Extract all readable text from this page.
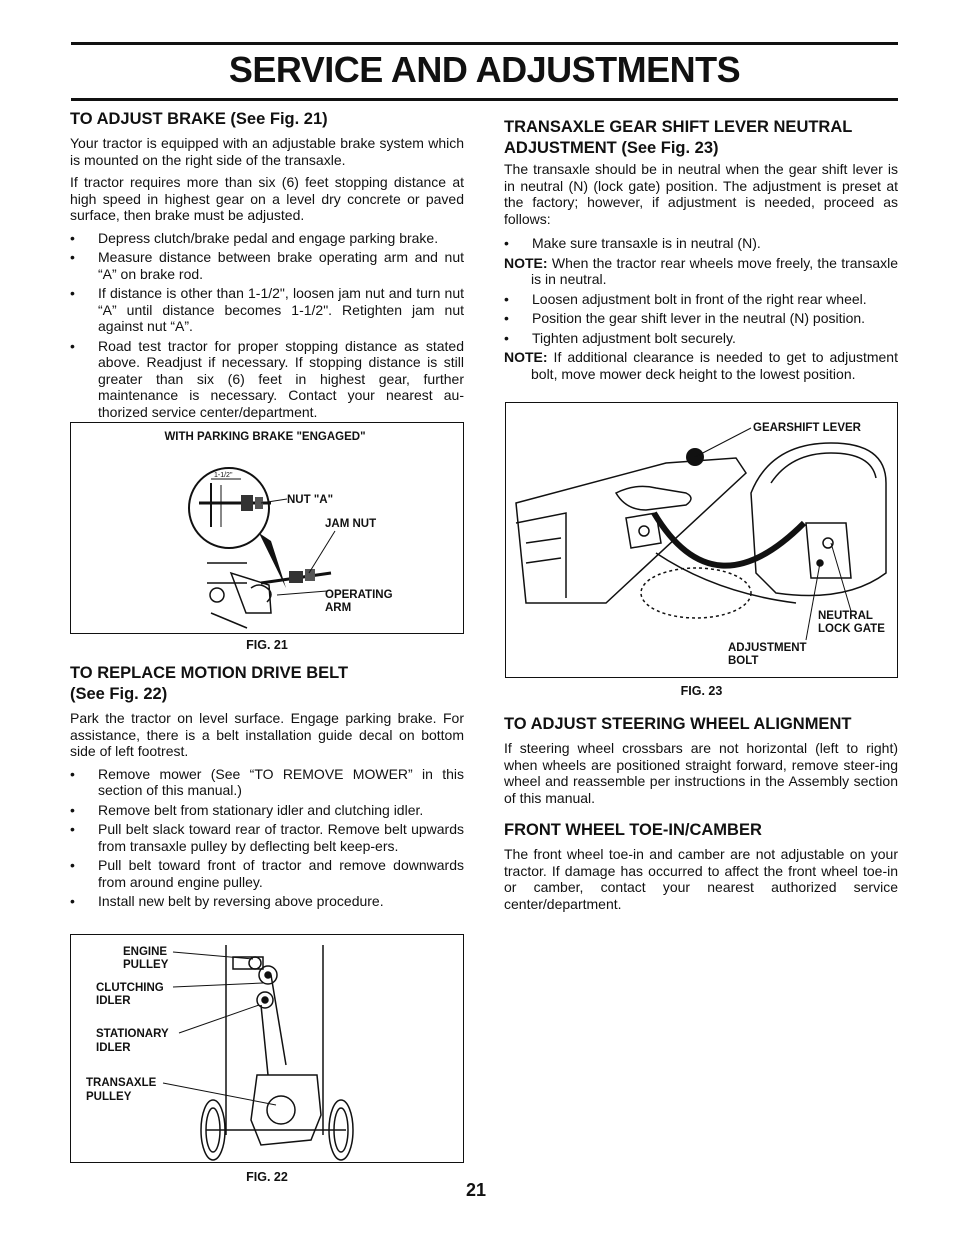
SERVICE AND ADJUSTMENTS
TO ADJUST BRAKE (See Fig. 21)

Your tractor is equipped with an adjustable brake system which is mounted on the right side of the transaxle.

If tractor requires more than six (6) feet stopping distance at high speed in highest gear on a level dry concrete or paved surface, then brake must be adjusted.

• Depress clutch/brake pedal and engage parking brake.
• Measure distance between brake operating arm and nut “A” on brake rod.
• If distance is other than 1-1/2", loosen jam nut and turn nut “A” until distance becomes 1-1/2". Retighten jam nut against nut “A”.
• Road test tractor for proper stopping distance as stated above. Readjust if necessary. If stopping distance is still greater than six (6) feet in highest gear, further maintenance is necessary. Contact your nearest au-thorized service center/department.
WITH PARKING BRAKE "ENGAGED"
1-1/2"
NUT "A"
JAM NUT
OPERATING
ARM
FIG. 21
TO REPLACE MOTION DRIVE BELT
(See Fig. 22)

Park the tractor on level surface. Engage parking brake. For assistance, there is a belt installation guide decal on bottom side of left footrest.

• Remove mower (See “TO REMOVE MOWER” in this section of this manual.)
• Remove belt from stationary idler and clutching idler.
• Pull belt slack toward rear of tractor. Remove belt upwards from transaxle pulley by deflecting belt keep-ers.
• Pull belt toward front of tractor and remove downwards from around engine pulley.
• Install new belt by reversing above procedure.
ENGINE
PULLEY
CLUTCHING
IDLER
STATIONARY
IDLER
TRANSAXLE
PULLEY
FIG. 22
TRANSAXLE GEAR SHIFT LEVER NEUTRAL
ADJUSTMENT (See Fig. 23)

The transaxle should be in neutral when the gear shift lever is in neutral (N) (lock gate) position. The adjustment is preset at the factory; however, if adjustment is needed, proceed as follows:

• Make sure transaxle is in neutral (N).

NOTE: When the tractor rear wheels move freely, the transaxle is in neutral.

• Loosen adjustment bolt in front of the right rear wheel.
• Position the gear shift lever in the neutral (N) position.
• Tighten adjustment bolt securely.

NOTE: If additional clearance is needed to get to adjustment bolt, move mower deck height to the lowest position.

GEARSHIFT LEVER
NEUTRAL
LOCK GATE
ADJUSTMENT
BOLT
FIG. 23
TO ADJUST STEERING WHEEL ALIGNMENT

If steering wheel crossbars are not horizontal (left to right) when wheels are positioned straight forward, remove steer-ing wheel and reassemble per instructions in the Assembly section of this manual.

FRONT WHEEL TOE-IN/CAMBER

The front wheel toe-in and camber are not adjustable on your tractor. If damage has occurred to affect the front wheel toe-in or camber, contact your nearest authorized service center/department.

21
